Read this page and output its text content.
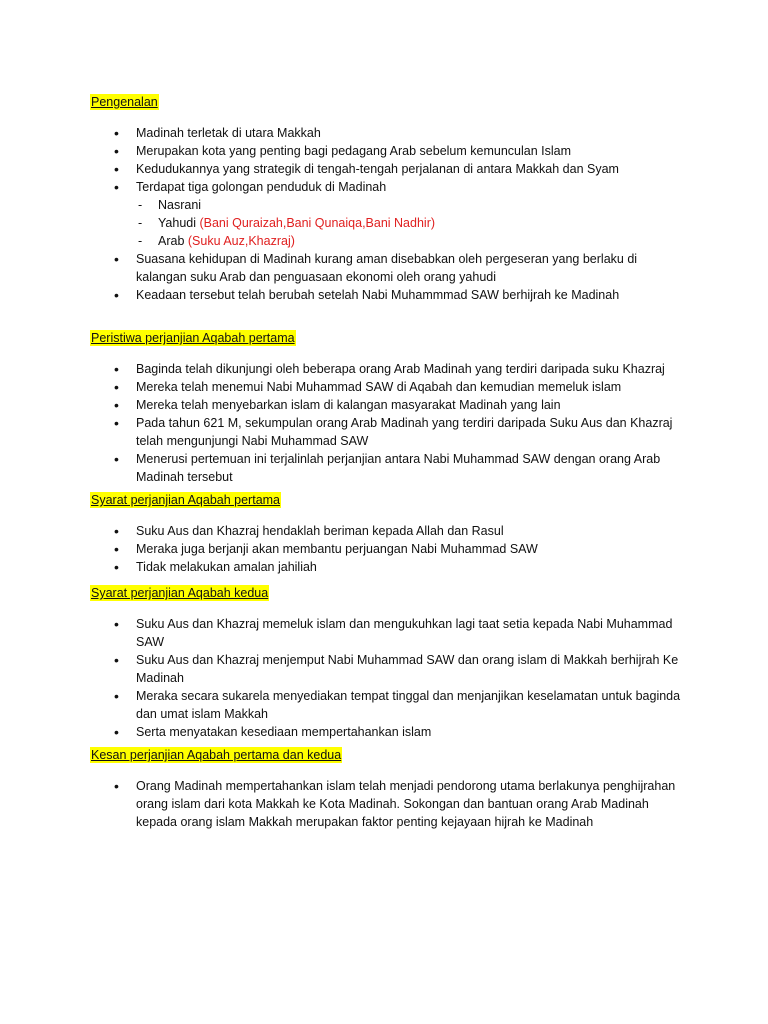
Pengenalan
• Madinah terletak di utara Makkah
• Merupakan kota yang penting bagi pedagang Arab sebelum kemunculan Islam
• Kedudukannya yang strategik di tengah-tengah perjalanan di antara Makkah dan Syam
• Terdapat tiga golongan penduduk di Madinah
- Nasrani
- Yahudi (Bani Quraizah,Bani Qunaiqa,Bani Nadhir)
- Arab (Suku Auz,Khazraj)
• Suasana kehidupan di Madinah kurang aman disebabkan oleh pergeseran yang berlaku di kalangan suku Arab dan penguasaan ekonomi oleh orang yahudi
• Keadaan tersebut telah berubah setelah Nabi Muhammmad SAW berhijrah ke Madinah
Peristiwa perjanjian Aqabah pertama
• Baginda telah dikunjungi oleh beberapa orang Arab Madinah yang terdiri daripada suku Khazraj
• Mereka telah menemui Nabi Muhammad SAW di Aqabah dan kemudian memeluk islam
• Mereka telah menyebarkan islam di kalangan masyarakat Madinah yang lain
• Pada tahun 621 M, sekumpulan orang Arab Madinah yang terdiri daripada Suku Aus dan Khazraj telah mengunjungi Nabi Muhammad SAW
• Menerusi pertemuan ini terjalinlah perjanjian antara Nabi Muhammad SAW dengan orang Arab Madinah tersebut
Syarat perjanjian Aqabah pertama
• Suku Aus dan Khazraj hendaklah beriman kepada Allah dan Rasul
• Meraka juga berjanji akan membantu perjuangan Nabi Muhammad SAW
• Tidak melakukan amalan jahiliah
Syarat perjanjian Aqabah kedua
• Suku Aus dan Khazraj memeluk islam dan mengukuhkan lagi taat setia kepada Nabi Muhammad SAW
• Suku Aus dan Khazraj menjemput Nabi Muhammad SAW dan orang islam di Makkah berhijrah Ke Madinah
• Meraka secara sukarela menyediakan tempat tinggal dan menjanjikan keselamatan untuk baginda dan umat islam Makkah
• Serta menyatakan kesediaan mempertahankan islam
Kesan perjanjian Aqabah pertama dan kedua
• Orang Madinah mempertahankan islam telah menjadi pendorong utama berlakunya penghijrahan orang islam dari kota Makkah ke Kota Madinah. Sokongan dan bantuan orang Arab Madinah kepada orang islam Makkah merupakan faktor penting kejayaan hijrah ke Madinah
